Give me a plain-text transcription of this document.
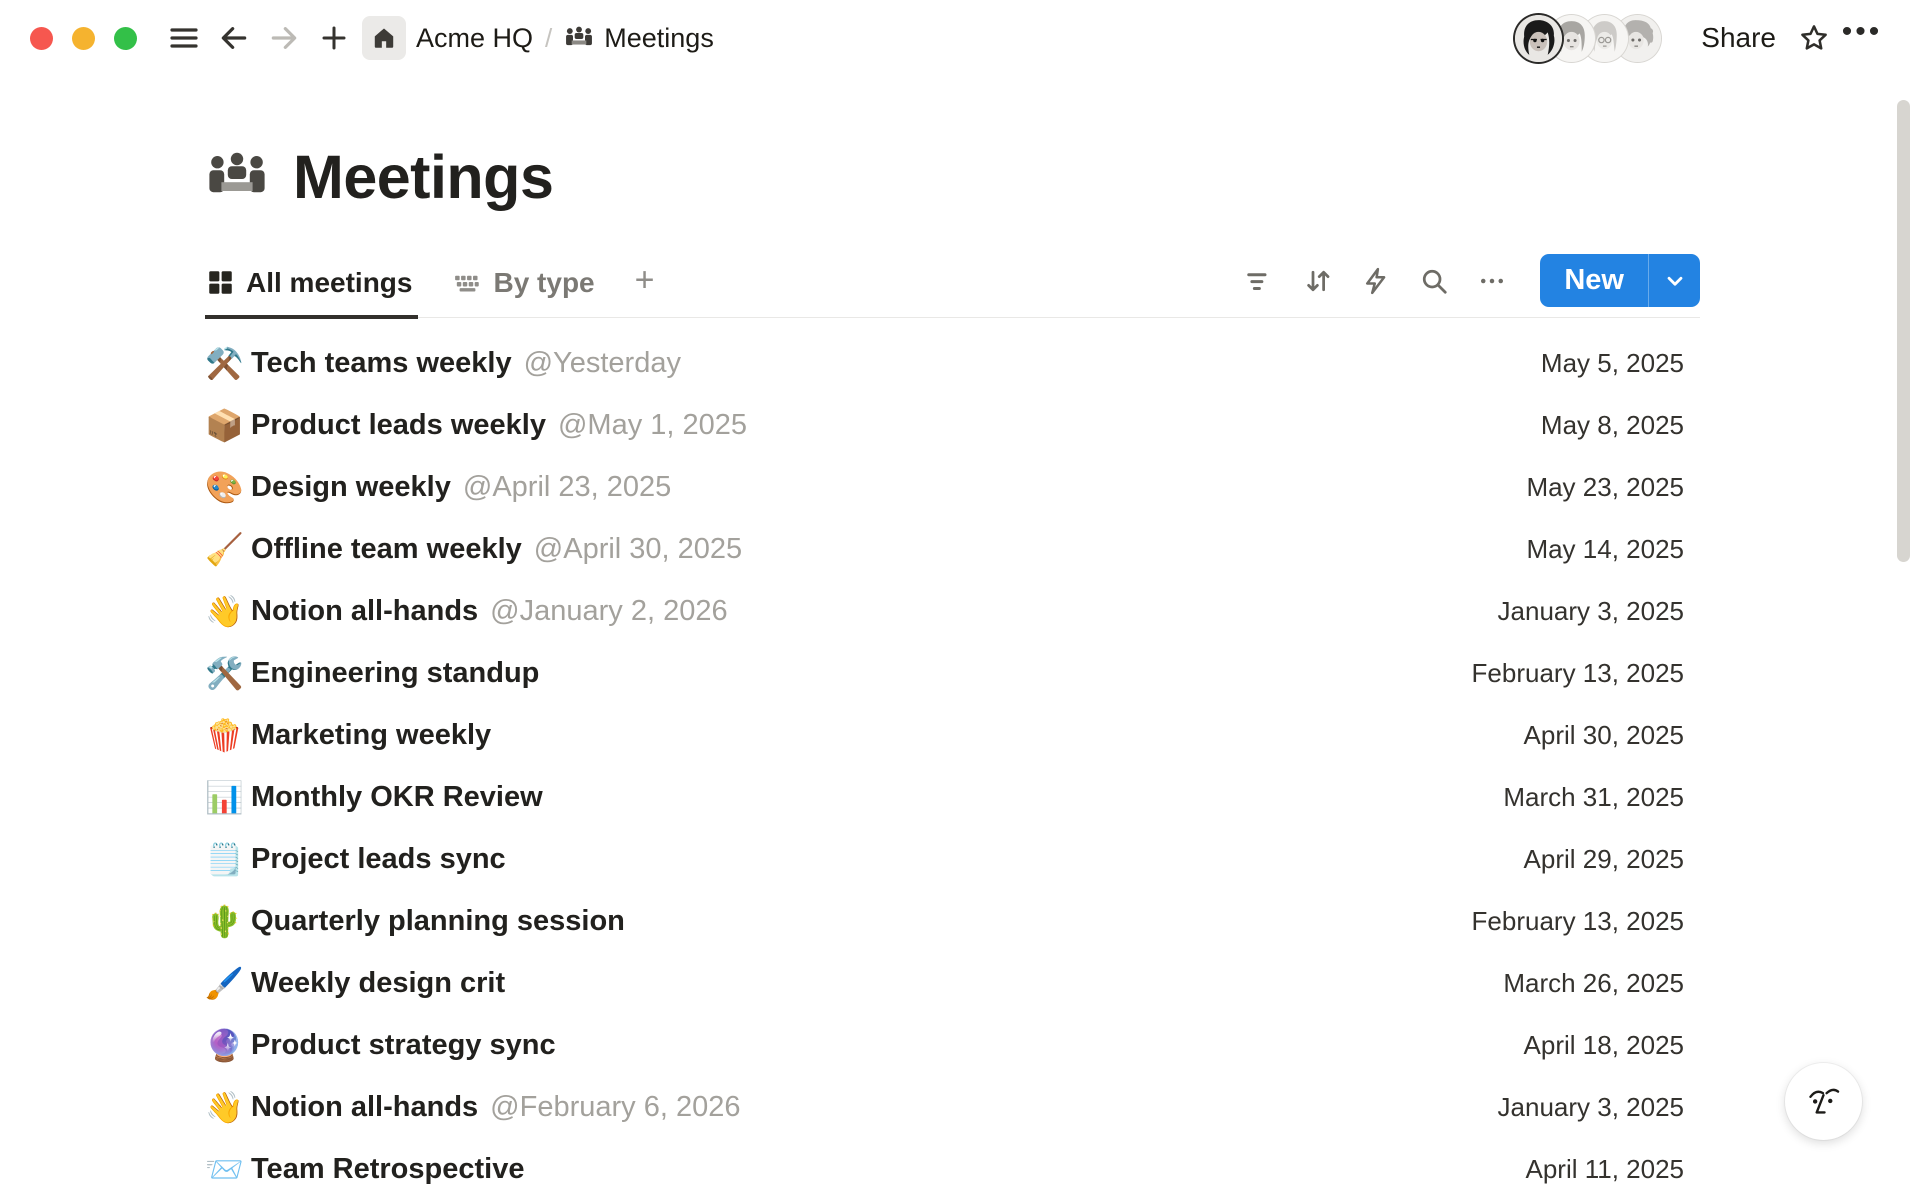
Acme HQ / Meetings	Share	•••
Meetings
All meetings	By type +	New
⚒️ Tech teams weekly @Yesterday	May 5, 2025
📦 Product leads weekly @May 1, 2025	May 8, 2025
🎨 Design weekly @April 23, 2025	May 23, 2025
🧹 Offline team weekly @April 30, 2025	May 14, 2025
👋 Notion all-hands @January 2, 2026	January 3, 2025
🛠️ Engineering standup	February 13, 2025
🍿 Marketing weekly	April 30, 2025
📊 Monthly OKR Review	March 31, 2025
🗒️ Project leads sync	April 29, 2025
🌵 Quarterly planning session	February 13, 2025
🖌️ Weekly design crit	March 26, 2025
🔮 Product strategy sync	April 18, 2025
👋 Notion all-hands @February 6, 2026	January 3, 2025
📨 Team Retrospective	April 11, 2025
